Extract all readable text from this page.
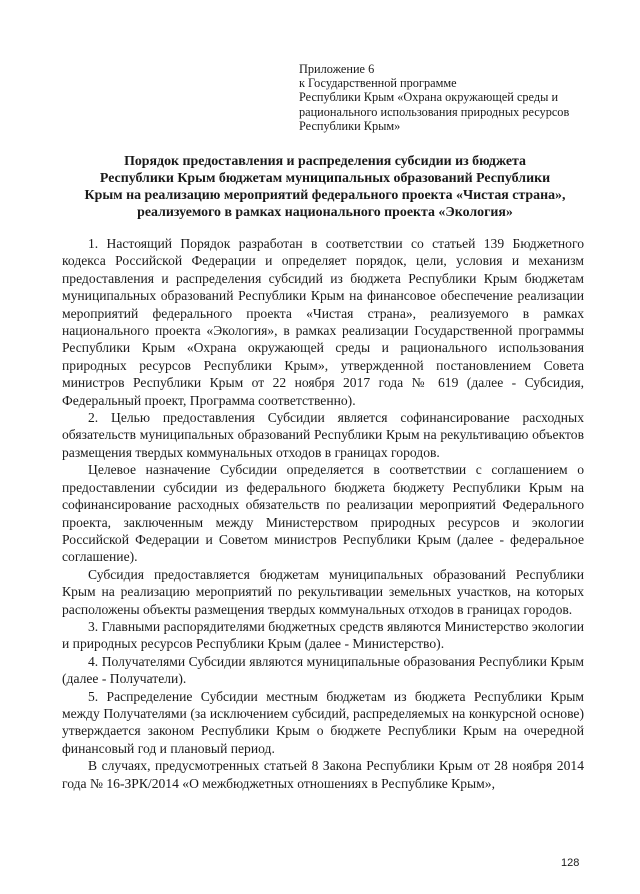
Приложение 6
к Государственной программе
Республики Крым «Охрана окружающей среды и
рационального использования природных ресурсов
Республики Крым»
Порядок предоставления и распределения субсидии из бюджета
Республики Крым бюджетам муниципальных образований Республики
Крым на реализацию мероприятий федерального проекта «Чистая страна»,
реализуемого в рамках национального проекта «Экология»

1. Настоящий Порядок разработан в соответствии со статьей 139 Бюджетного кодекса Российской Федерации и определяет порядок, цели, условия и механизм предоставления и распределения субсидий из бюджета Республики Крым бюджетам муниципальных образований Республики Крым на финансовое обеспечение реализации мероприятий федерального проекта «Чистая страна», реализуемого в рамках национального проекта «Экология», в рамках реализации Государственной программы Республики Крым «Охрана окружающей среды и рационального использования природных ресурсов Республики Крым», утвержденной постановлением Совета министров Республики Крым от 22 ноября 2017 года № 619 (далее - Субсидия, Федеральный проект, Программа соответственно).

2. Целью предоставления Субсидии является софинансирование расходных обязательств муниципальных образований Республики Крым на рекультивацию объектов размещения твердых коммунальных отходов в границах городов.

Целевое назначение Субсидии определяется в соответствии с соглашением о предоставлении субсидии из федерального бюджета бюджету Республики Крым на софинансирование расходных обязательств по реализации мероприятий Федерального проекта, заключенным между Министерством природных ресурсов и экологии Российской Федерации и Советом министров Республики Крым (далее - федеральное соглашение).

Субсидия предоставляется бюджетам муниципальных образований Республики Крым на реализацию мероприятий по рекультивации земельных участков, на которых расположены объекты размещения твердых коммунальных отходов в границах городов.

3. Главными распорядителями бюджетных средств являются Министерство экологии и природных ресурсов Республики Крым (далее - Министерство).

4. Получателями Субсидии являются муниципальные образования Республики Крым (далее - Получатели).

5. Распределение Субсидии местным бюджетам из бюджета Республики Крым между Получателями (за исключением субсидий, распределяемых на конкурсной основе) утверждается законом Республики Крым о бюджете Республики Крым на очередной финансовый год и плановый период.

В случаях, предусмотренных статьей 8 Закона Республики Крым от 28 ноября 2014 года № 16-ЗРК/2014 «О межбюджетных отношениях в Республике Крым»,

128
